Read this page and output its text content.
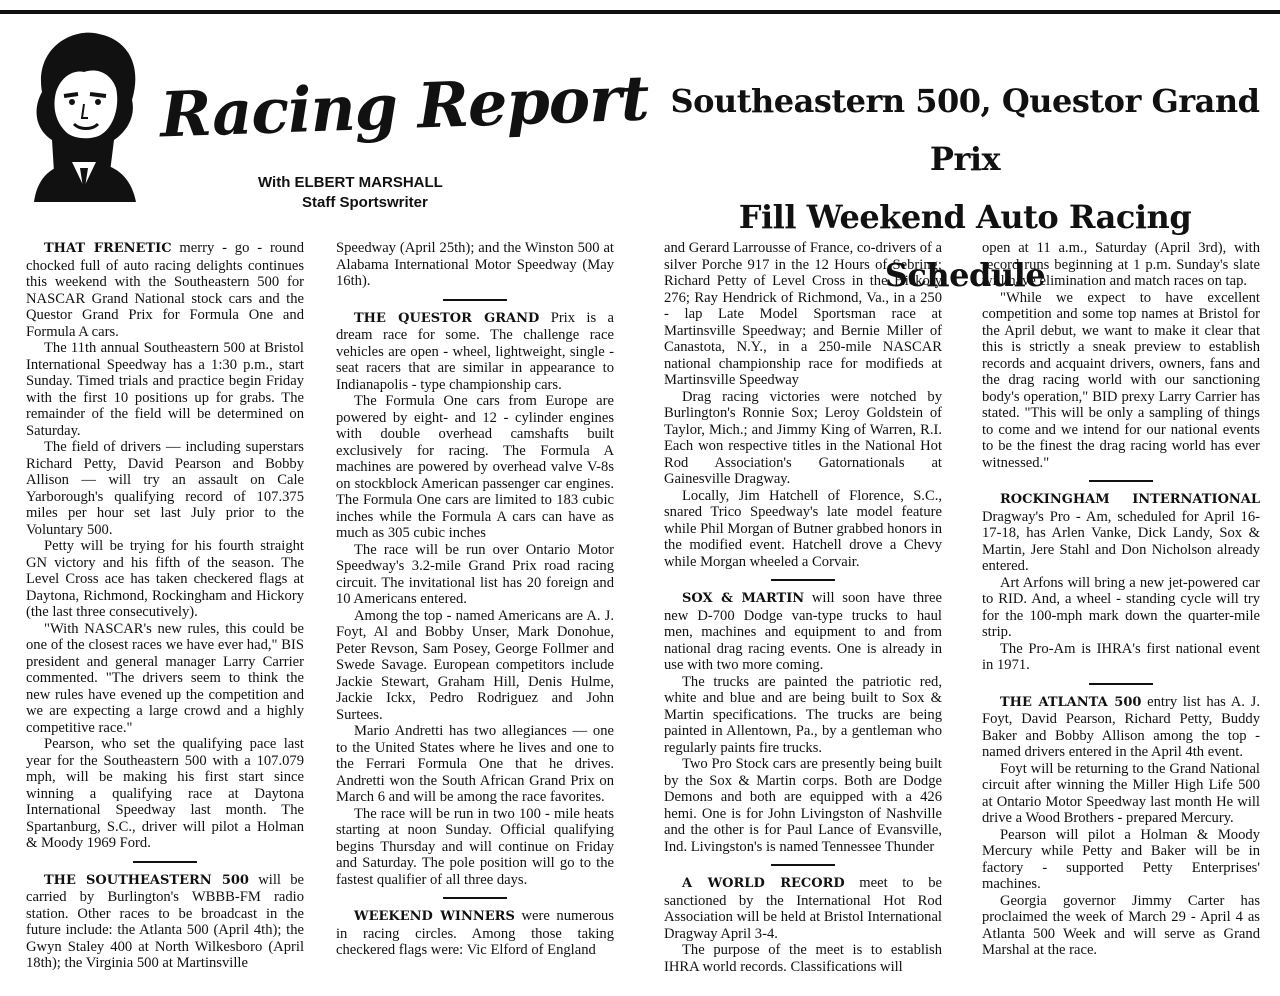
Racing Report
With ELBERT MARSHALL
Staff Sportswriter
Southeastern 500, Questor Grand Prix
Fill Weekend Auto Racing Schedule

THAT FRENETIC merry - go - round chocked full of auto racing delights continues this weekend with the Southeastern 500 for NASCAR Grand National stock cars and the Questor Grand Prix for Formula One and Formula A cars.

The 11th annual Southeastern 500 at Bristol International Speedway has a 1:30 p.m., start Sunday. Timed trials and practice begin Friday with the first 10 positions up for grabs. The remainder of the field will be determined on Saturday.

The field of drivers — including superstars Richard Petty, David Pearson and Bobby Allison — will try an assault on Cale Yarborough's qualifying record of 107.375 miles per hour set last July prior to the Voluntary 500.

Petty will be trying for his fourth straight GN victory and his fifth of the season. The Level Cross ace has taken checkered flags at Daytona, Richmond, Rockingham and Hickory (the last three consecutively).

"With NASCAR's new rules, this could be one of the closest races we have ever had," BIS president and general manager Larry Carrier commented. "The drivers seem to think the new rules have evened up the competition and we are expecting a large crowd and a highly competitive race."

Pearson, who set the qualifying pace last year for the Southeastern 500 with a 107.079 mph, will be making his first start since winning a qualifying race at Daytona International Speedway last month. The Spartanburg, S.C., driver will pilot a Holman & Moody 1969 Ford.

THE SOUTHEASTERN 500 will be carried by Burlington's WBBB-FM radio station. Other races to be broadcast in the future include: the Atlanta 500 (April 4th); the Gwyn Staley 400 at North Wilkesboro (April 18th); the Virginia 500 at Martinsville

Speedway (April 25th); and the Winston 500 at Alabama International Motor Speedway (May 16th).

THE QUESTOR GRAND Prix is a dream race for some. The challenge race vehicles are open - wheel, lightweight, single - seat racers that are similar in appearance to Indianapolis - type championship cars.

The Formula One cars from Europe are powered by eight- and 12 - cylinder engines with double overhead camshafts built exclusively for racing. The Formula A machines are powered by overhead valve V-8s on stockblock American passenger car engines. The Formula One cars are limited to 183 cubic inches while the Formula A cars can have as much as 305 cubic inches

The race will be run over Ontario Motor Speedway's 3.2-mile Grand Prix road racing circuit. The invitational list has 20 foreign and 10 Americans entered.

Among the top - named Americans are A. J. Foyt, Al and Bobby Unser, Mark Donohue, Peter Revson, Sam Posey, George Follmer and Swede Savage. European competitors include Jackie Stewart, Graham Hill, Denis Hulme, Jackie Ickx, Pedro Rodriguez and John Surtees.

Mario Andretti has two allegiances — one to the United States where he lives and one to the Ferrari Formula One that he drives. Andretti won the South African Grand Prix on March 6 and will be among the race favorites.

The race will be run in two 100 - mile heats starting at noon Sunday. Official qualifying begins Thursday and will continue on Friday and Saturday. The pole position will go to the fastest qualifier of all three days.

WEEKEND WINNERS were numerous in racing circles. Among those taking checkered flags were: Vic Elford of England

and Gerard Larrousse of France, co-drivers of a silver Porche 917 in the 12 Hours of Sebring; Richard Petty of Level Cross in the Hickory 276; Ray Hendrick of Richmond, Va., in a 250 - lap Late Model Sportsman race at Martinsville Speedway; and Bernie Miller of Canastota, N.Y., in a 250-mile NASCAR national championship race for modifieds at Martinsville Speedway

Drag racing victories were notched by Burlington's Ronnie Sox; Leroy Goldstein of Taylor, Mich.; and Jimmy King of Warren, R.I. Each won respective titles in the National Hot Rod Association's Gatornationals at Gainesville Dragway.

Locally, Jim Hatchell of Florence, S.C., snared Trico Speedway's late model feature while Phil Morgan of Butner grabbed honors in the modified event. Hatchell drove a Chevy while Morgan wheeled a Corvair.

SOX & MARTIN will soon have three new D-700 Dodge van-type trucks to haul men, machines and equipment to and from national drag racing events. One is already in use with two more coming.

The trucks are painted the patriotic red, white and blue and are being built to Sox & Martin specifications. The trucks are being painted in Allentown, Pa., by a gentleman who regularly paints fire trucks.

Two Pro Stock cars are presently being built by the Sox & Martin corps. Both are Dodge Demons and both are equipped with a 426 hemi. One is for John Livingston of Nashville and the other is for Paul Lance of Evansville, Ind. Livingston's is named Tennessee Thunder

A WORLD RECORD meet to be sanctioned by the International Hot Rod Association will be held at Bristol International Dragway April 3-4.

The purpose of the meet is to establish IHRA world records. Classifications will

open at 11 a.m., Saturday (April 3rd), with record runs beginning at 1 p.m. Sunday's slate will have elimination and match races on tap.

"While we expect to have excellent competition and some top names at Bristol for the April debut, we want to make it clear that this is strictly a sneak preview to establish records and acquaint drivers, owners, fans and the drag racing world with our sanctioning body's operation," BID prexy Larry Carrier has stated. "This will be only a sampling of things to come and we intend for our national events to be the finest the drag racing world has ever witnessed."

ROCKINGHAM INTERNATIONAL Dragway's Pro - Am, scheduled for April 16-17-18, has Arlen Vanke, Dick Landy, Sox & Martin, Jere Stahl and Don Nicholson already entered.

Art Arfons will bring a new jet-powered car to RID. And, a wheel - standing cycle will try for the 100-mph mark down the quarter-mile strip.

The Pro-Am is IHRA's first national event in 1971.

THE ATLANTA 500 entry list has A. J. Foyt, David Pearson, Richard Petty, Buddy Baker and Bobby Allison among the top - named drivers entered in the April 4th event.

Foyt will be returning to the Grand National circuit after winning the Miller High Life 500 at Ontario Motor Speedway last month He will drive a Wood Brothers - prepared Mercury.

Pearson will pilot a Holman & Moody Mercury while Petty and Baker will be in factory - supported Petty Enterprises' machines.

Georgia governor Jimmy Carter has proclaimed the week of March 29 - April 4 as Atlanta 500 Week and will serve as Grand Marshal at the race.
